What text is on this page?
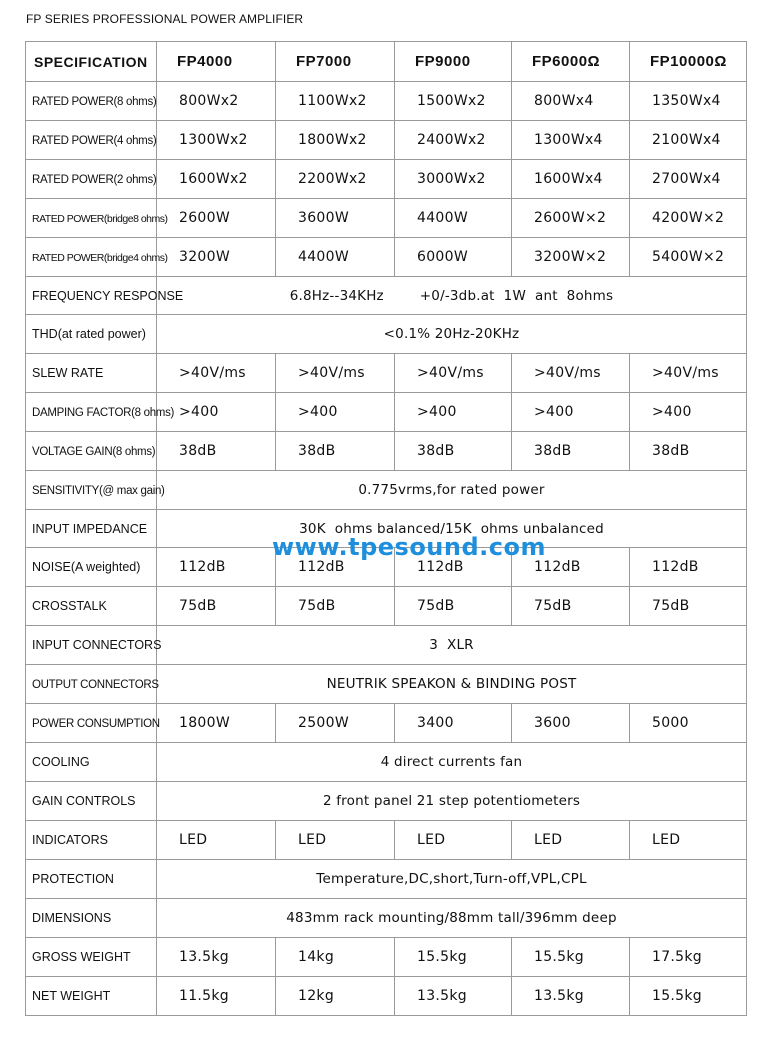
FP SERIES PROFESSIONAL POWER AMPLIFIER
SPECIFICATION	FP4000	FP7000	FP9000	FP6000Ω	FP10000Ω
RATED POWER(8 ohms)	800Wx2	1100Wx2	1500Wx2	800Wx4	1350Wx4
RATED POWER(4 ohms)	1300Wx2	1800Wx2	2400Wx2	1300Wx4	2100Wx4
RATED POWER(2 ohms)	1600Wx2	2200Wx2	3000Wx2	1600Wx4	2700Wx4
RATED POWER(bridge8 ohms)	2600W	3600W	4400W	2600W×2	4200W×2
RATED POWER(bridge4 ohms)	3200W	4400W	6000W	3200W×2	5400W×2
FREQUENCY RESPONSE	6.8Hz--34KHz        +0/-3db.at  1W  ant  8ohms				
THD(at rated power)	<0.1% 20Hz-20KHz				
SLEW RATE	>40V/ms	>40V/ms	>40V/ms	>40V/ms	>40V/ms
DAMPING FACTOR(8 ohms)	>400	>400	>400	>400	>400
VOLTAGE GAIN(8 ohms)	38dB	38dB	38dB	38dB	38dB
SENSITIVITY(@ max gain)	0.775vrms,for rated power				
INPUT IMPEDANCE	30K  ohms balanced/15K  ohms unbalanced				
NOISE(A weighted)	112dB	112dB	112dB	112dB	112dB
CROSSTALK	75dB	75dB	75dB	75dB	75dB
INPUT CONNECTORS	3  XLR				
OUTPUT CONNECTORS	NEUTRIK SPEAKON & BINDING POST				
POWER CONSUMPTION	1800W	2500W	3400	3600	5000
COOLING	4 direct currents fan				
GAIN CONTROLS	2 front panel 21 step potentiometers				
INDICATORS	LED	LED	LED	LED	LED
PROTECTION	Temperature,DC,short,Turn-off,VPL,CPL				
DIMENSIONS	483mm rack mounting/88mm tall/396mm deep				
GROSS WEIGHT	13.5kg	14kg	15.5kg	15.5kg	17.5kg
NET WEIGHT	11.5kg	12kg	13.5kg	13.5kg	15.5kg
www.tpesound.com
